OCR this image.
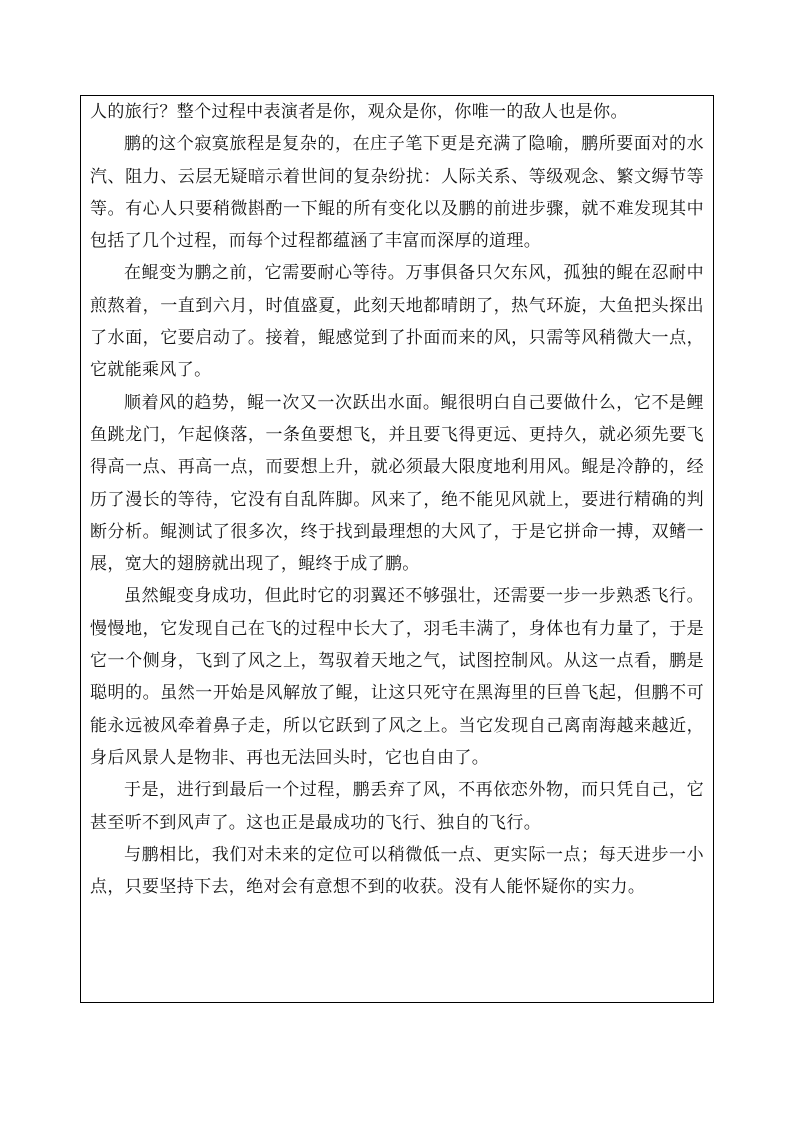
人的旅行？整个过程中表演者是你，观众是你，你唯一的敌人也是你。

鹏的这个寂寞旅程是复杂的，在庄子笔下更是充满了隐喻，鹏所要面对的水汽、阻力、云层无疑暗示着世间的复杂纷扰：人际关系、等级观念、繁文缛节等等。有心人只要稍微斟酌一下鲲的所有变化以及鹏的前进步骤，就不难发现其中包括了几个过程，而每个过程都蕴涵了丰富而深厚的道理。

在鲲变为鹏之前，它需要耐心等待。万事俱备只欠东风，孤独的鲲在忍耐中煎熬着，一直到六月，时值盛夏，此刻天地都晴朗了，热气环旋，大鱼把头探出了水面，它要启动了。接着，鲲感觉到了扑面而来的风，只需等风稍微大一点，它就能乘风了。

顺着风的趋势，鲲一次又一次跃出水面。鲲很明白自己要做什么，它不是鲤鱼跳龙门，乍起倏落，一条鱼要想飞，并且要飞得更远、更持久，就必须先要飞得高一点、再高一点，而要想上升，就必须最大限度地利用风。鲲是冷静的，经历了漫长的等待，它没有自乱阵脚。风来了，绝不能见风就上，要进行精确的判断分析。鲲测试了很多次，终于找到最理想的大风了，于是它拼命一搏，双鳍一展，宽大的翅膀就出现了，鲲终于成了鹏。

虽然鲲变身成功，但此时它的羽翼还不够强壮，还需要一步一步熟悉飞行。慢慢地，它发现自己在飞的过程中长大了，羽毛丰满了，身体也有力量了，于是它一个侧身，飞到了风之上，驾驭着天地之气，试图控制风。从这一点看，鹏是聪明的。虽然一开始是风解放了鲲，让这只死守在黑海里的巨兽飞起，但鹏不可能永远被风牵着鼻子走，所以它跃到了风之上。当它发现自己离南海越来越近，身后风景人是物非、再也无法回头时，它也自由了。

于是，进行到最后一个过程，鹏丢弃了风，不再依恋外物，而只凭自己，它甚至听不到风声了。这也正是最成功的飞行、独自的飞行。

与鹏相比，我们对未来的定位可以稍微低一点、更实际一点；每天进步一小点，只要坚持下去，绝对会有意想不到的收获。没有人能怀疑你的实力。
